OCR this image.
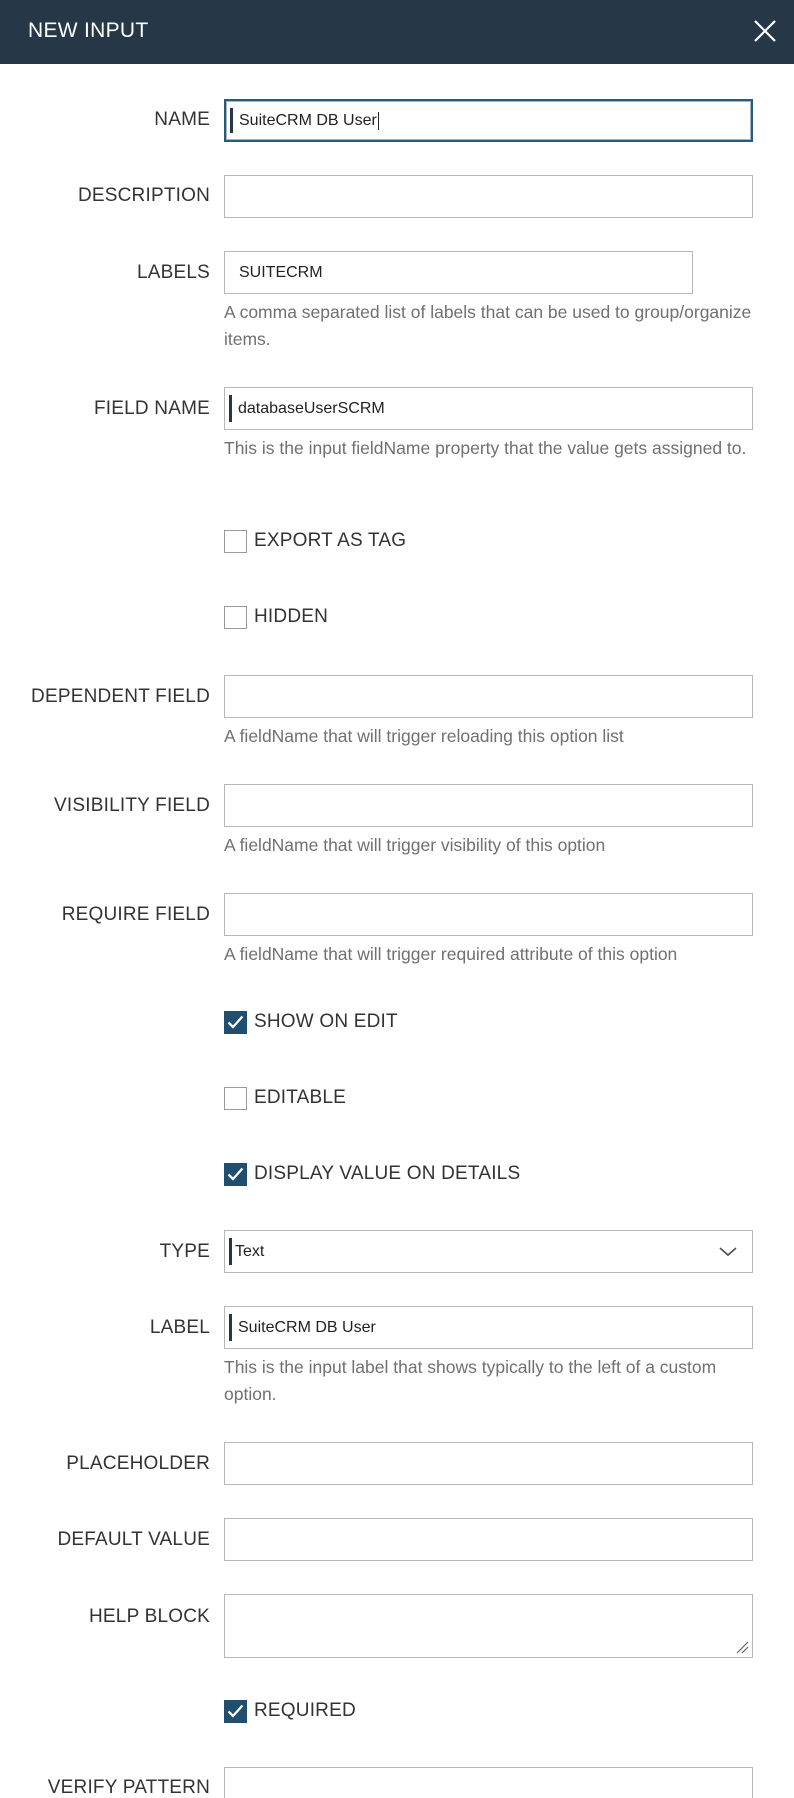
NEW INPUT
NAME SuiteCRM DB User
DESCRIPTION
LABELS SUITECRM
A comma separated list of labels that can be used to group/organize items.
FIELD NAME databaseUserSCRM
This is the input fieldName property that the value gets assigned to.
EXPORT AS TAG
HIDDEN
DEPENDENT FIELD
A fieldName that will trigger reloading this option list
VISIBILITY FIELD
A fieldName that will trigger visibility of this option
REQUIRE FIELD
A fieldName that will trigger required attribute of this option
SHOW ON EDIT
EDITABLE
DISPLAY VALUE ON DETAILS
TYPE Text
LABEL SuiteCRM DB User
This is the input label that shows typically to the left of a custom option.
PLACEHOLDER
DEFAULT VALUE
HELP BLOCK
REQUIRED
VERIFY PATTERN
